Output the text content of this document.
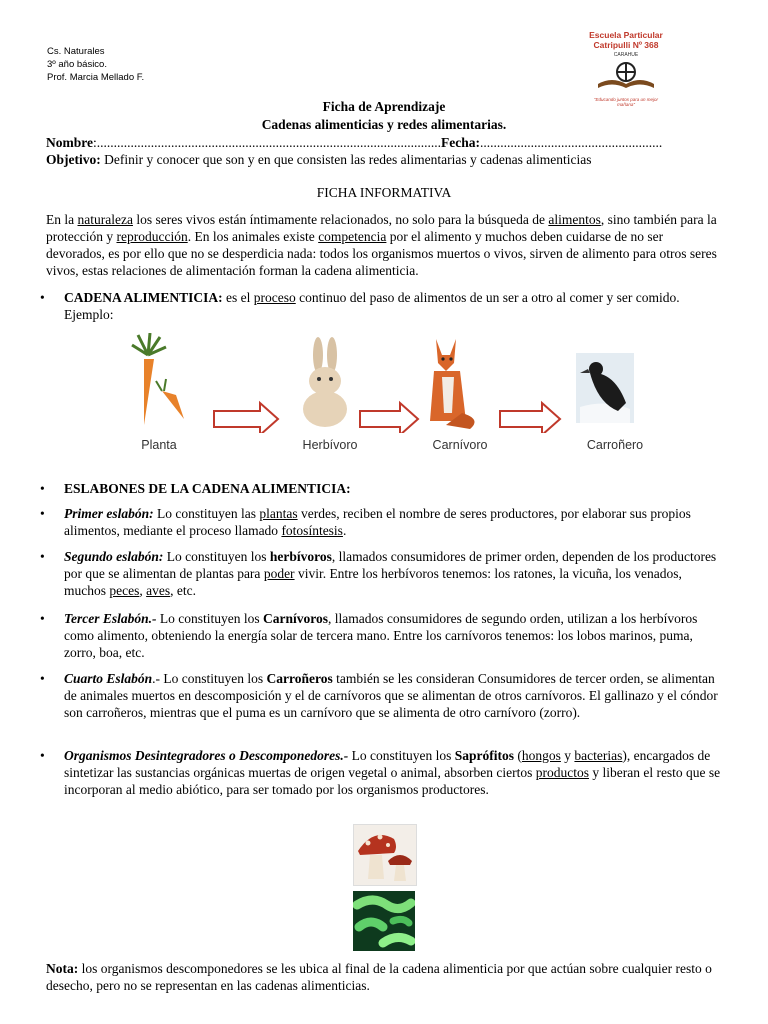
Cs. Naturales
3º año básico.
Prof. Marcia Mellado F.
Escuela Particular
Catripulli Nº 368
CARAHUE
"Educando juntos para un mejor mañana"
Ficha de Aprendizaje
Cadenas alimenticias y redes alimentarias.
Nombre:......................................................................................................Fecha:......................................................
Objetivo: Definir y conocer que son y en que consisten las redes alimentarias y cadenas alimenticias
FICHA INFORMATIVA

En la naturaleza los seres vivos están íntimamente relacionados, no solo para la búsqueda de alimentos, sino también para la protección y reproducción. En los animales existe competencia por el alimento y muchos deben cuidarse de no ser devorados, es por ello que no se desperdicia nada: todos los organismos muertos o vivos, sirven de alimento para otros seres vivos, estas relaciones de alimentación forman la cadena alimenticia.

• CADENA ALIMENTICIA: es el proceso continuo del paso de alimentos de un ser a otro al comer y ser comido. Ejemplo:
Planta	Herbívoro	Carnívoro	Carroñero
• ESLABONES DE LA CADENA ALIMENTICIA:
• Primer eslabón: Lo constituyen las plantas verdes, reciben el nombre de seres productores, por elaborar sus propios alimentos, mediante el proceso llamado fotosíntesis.
• Segundo eslabón: Lo constituyen los herbívoros, llamados consumidores de primer orden, dependen de los productores por que se alimentan de plantas para poder vivir. Entre los herbívoros tenemos: los ratones, la vicuña, los venados, muchos peces, aves, etc.
• Tercer Eslabón.- Lo constituyen los Carnívoros, llamados consumidores de segundo orden, utilizan a los herbívoros como alimento, obteniendo la energía solar de tercera mano. Entre los carnívoros tenemos: los lobos marinos, puma, zorro, boa, etc.
• Cuarto Eslabón.- Lo constituyen los Carroñeros también se les consideran Consumidores de tercer orden, se alimentan de animales muertos en descomposición y el de carnívoros que se alimentan de otros carnívoros. El gallinazo y el cóndor son carroñeros, mientras que el puma es un carnívoro que se alimenta de otro carnívoro (zorro).
• Organismos Desintegradores o Descomponedores.- Lo constituyen los Saprófitos (hongos y bacterias), encargados de sintetizar las sustancias orgánicas muertas de origen vegetal o animal, absorben ciertos productos y liberan el resto que se incorporan al medio abiótico, para ser tomado por los organismos productores.

Nota: los organismos descomponedores se les ubica al final de la cadena alimenticia por que actúan sobre cualquier resto o desecho, pero no se representan en las cadenas alimenticias.
